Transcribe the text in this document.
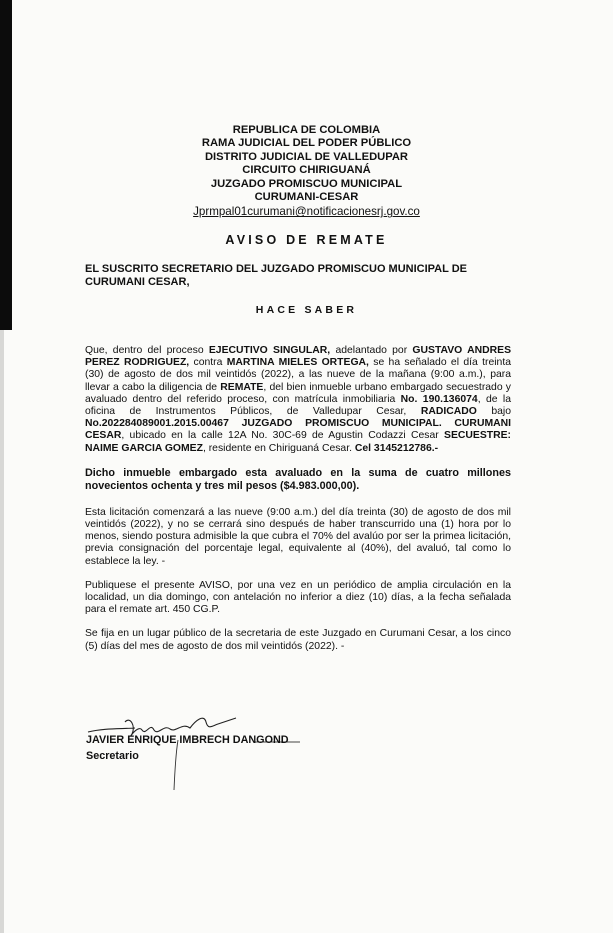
REPUBLICA DE COLOMBIA
RAMA JUDICIAL DEL PODER PÚBLICO
DISTRITO JUDICIAL DE VALLEDUPAR
CIRCUITO CHIRIGUANÁ
JUZGADO PROMISCUO MUNICIPAL
CURUMANI-CESAR
Jprmpal01curumani@notificacionesrj.gov.co
AVISO DE REMATE
EL SUSCRITO SECRETARIO DEL JUZGADO PROMISCUO MUNICIPAL DE CURUMANI CESAR,
HACE SABER

Que, dentro del proceso EJECUTIVO SINGULAR, adelantado por GUSTAVO ANDRES PEREZ RODRIGUEZ, contra MARTINA MIELES ORTEGA, se ha señalado el día treinta (30) de agosto de dos mil veintidós (2022), a las nueve de la mañana (9:00 a.m.), para llevar a cabo la diligencia de REMATE, del bien inmueble urbano embargado secuestrado y avaluado dentro del referido proceso, con matrícula inmobiliaria No. 190.136074, de la oficina de Instrumentos Públicos, de Valledupar Cesar, RADICADO bajo No.202284089001.2015.00467 JUZGADO PROMISCUO MUNICIPAL. CURUMANI CESAR, ubicado en la calle 12A No. 30C-69 de Agustin Codazzi Cesar SECUESTRE: NAIME GARCIA GOMEZ, residente en Chiriguaná Cesar. Cel 3145212786.-

Dicho inmueble embargado esta avaluado en la suma de cuatro millones novecientos ochenta y tres mil pesos ($4.983.000,00).

Esta licitación comenzará a las nueve (9:00 a.m.) del día treinta (30) de agosto de dos mil veintidós (2022), y no se cerrará sino después de haber transcurrido una (1) hora por lo menos, siendo postura admisible la que cubra el 70% del avalúo por ser la primea licitación, previa consignación del porcentaje legal, equivalente al (40%), del avaluó, tal como lo establece la ley. -

Publiquese el presente AVISO, por una vez en un periódico de amplia circulación en la localidad, un dia domingo, con antelación no inferior a diez (10) días, a la fecha señalada para el remate art. 450 CG.P.

Se fija en un lugar público de la secretaria de este Juzgado en Curumani Cesar, a los cinco (5) días del mes de agosto de dos mil veintidós (2022). -

JAVIER ENRIQUE IMBRECH DANGOND
Secretario
